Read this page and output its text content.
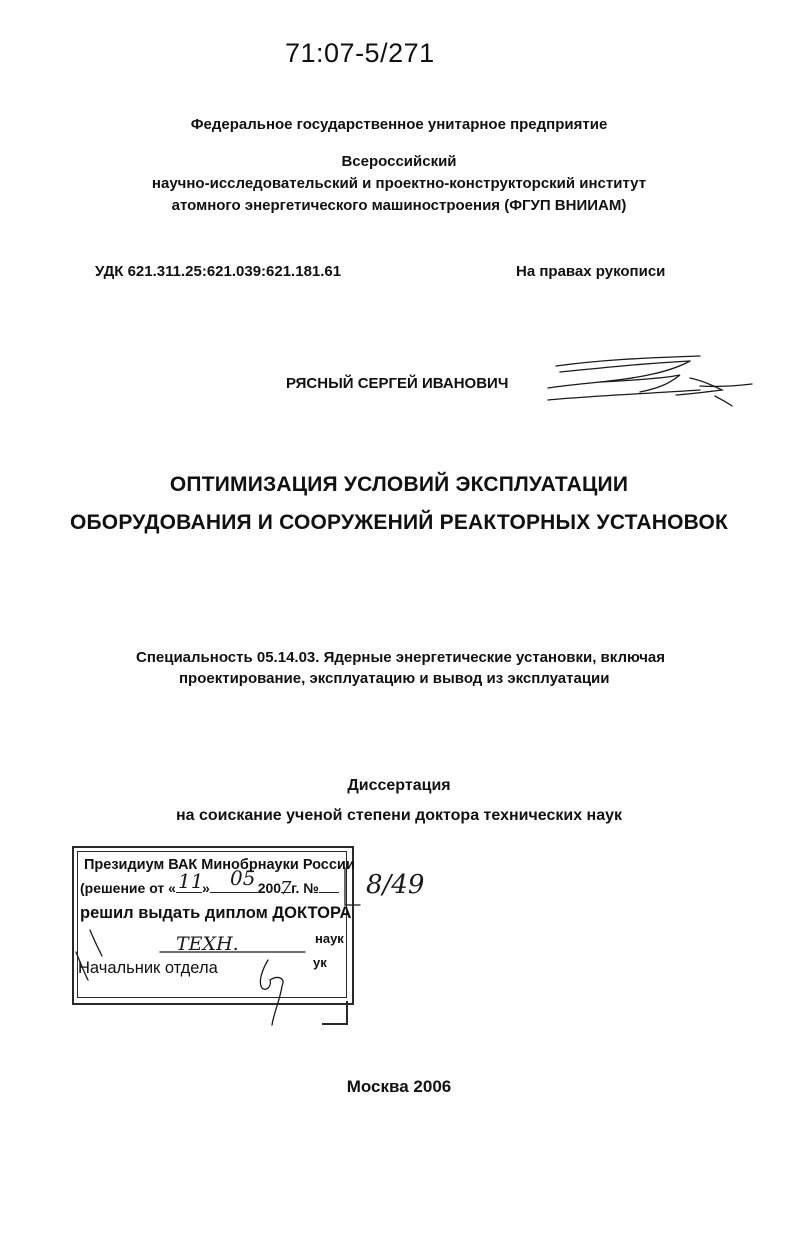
71:07-5/271
Федеральное государственное унитарное предприятие
Всероссийский
научно-исследовательский и проектно-конструкторский институт
атомного энергетического машиностроения (ФГУП ВНИИАМ)
УДК 621.311.25:621.039:621.181.61	На правах рукописи
РЯСНЫЙ СЕРГЕЙ ИВАНОВИЧ
ОПТИМИЗАЦИЯ УСЛОВИЙ ЭКСПЛУАТАЦИИ
ОБОРУДОВАНИЯ И СООРУЖЕНИЙ РЕАКТОРНЫХ УСТАНОВОК
Специальность 05.14.03. Ядерные энергетические установки, включая
проектирование, эксплуатацию и вывод из эксплуатации
Диссертация
на соискание ученой степени доктора технических наук
Президиум ВАК Минобрнауки России
(решение от « »	200 г. №
решил выдать диплом ДОКТОРА
наук
Начальник отдела	ук
11 05 7	8/49
ТЕХН.
Москва 2006
